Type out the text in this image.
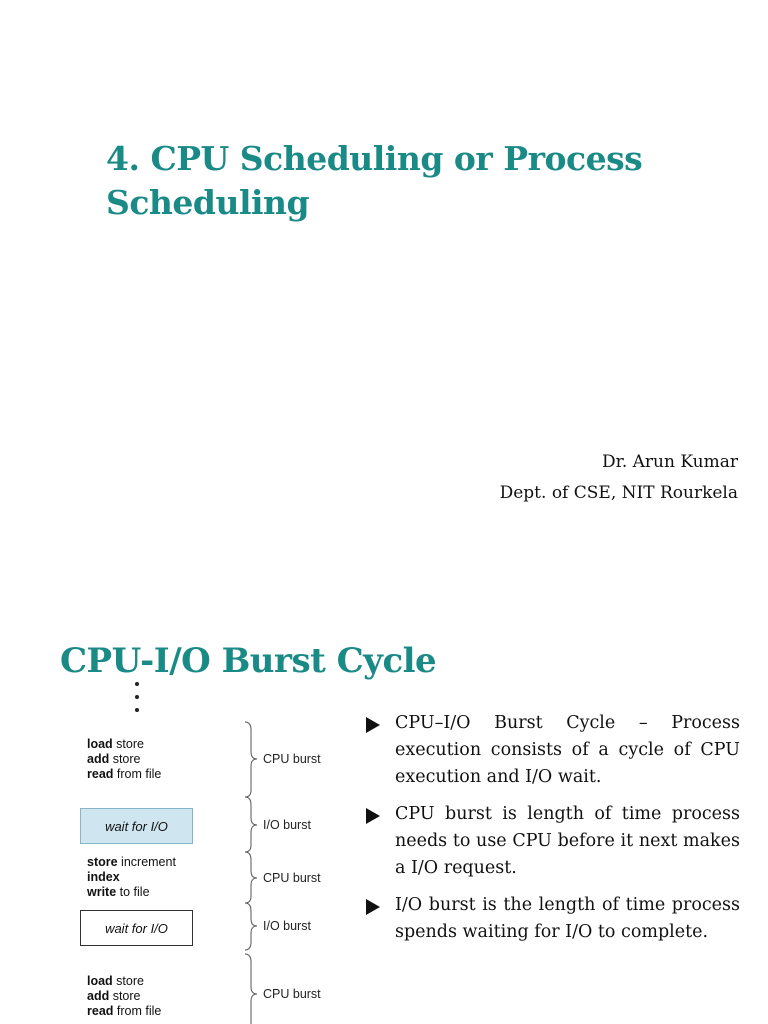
4. CPU Scheduling or Process
Scheduling
Dr. Arun Kumar
Dept. of CSE, NIT Rourkela
CPU-I/O Burst Cycle
load store
add store
read from file
wait for I/O
store increment
index
write to file
wait for I/O
load store
add store
read from file
CPU burst
I/O burst
CPU burst
I/O burst
CPU burst
CPU–I/O Burst Cycle – Process execution consists of a cycle of CPU execution and I/O wait.
CPU burst is length of time process needs to use CPU before it next makes a I/O request.
I/O burst is the length of time process spends waiting for I/O to complete.
